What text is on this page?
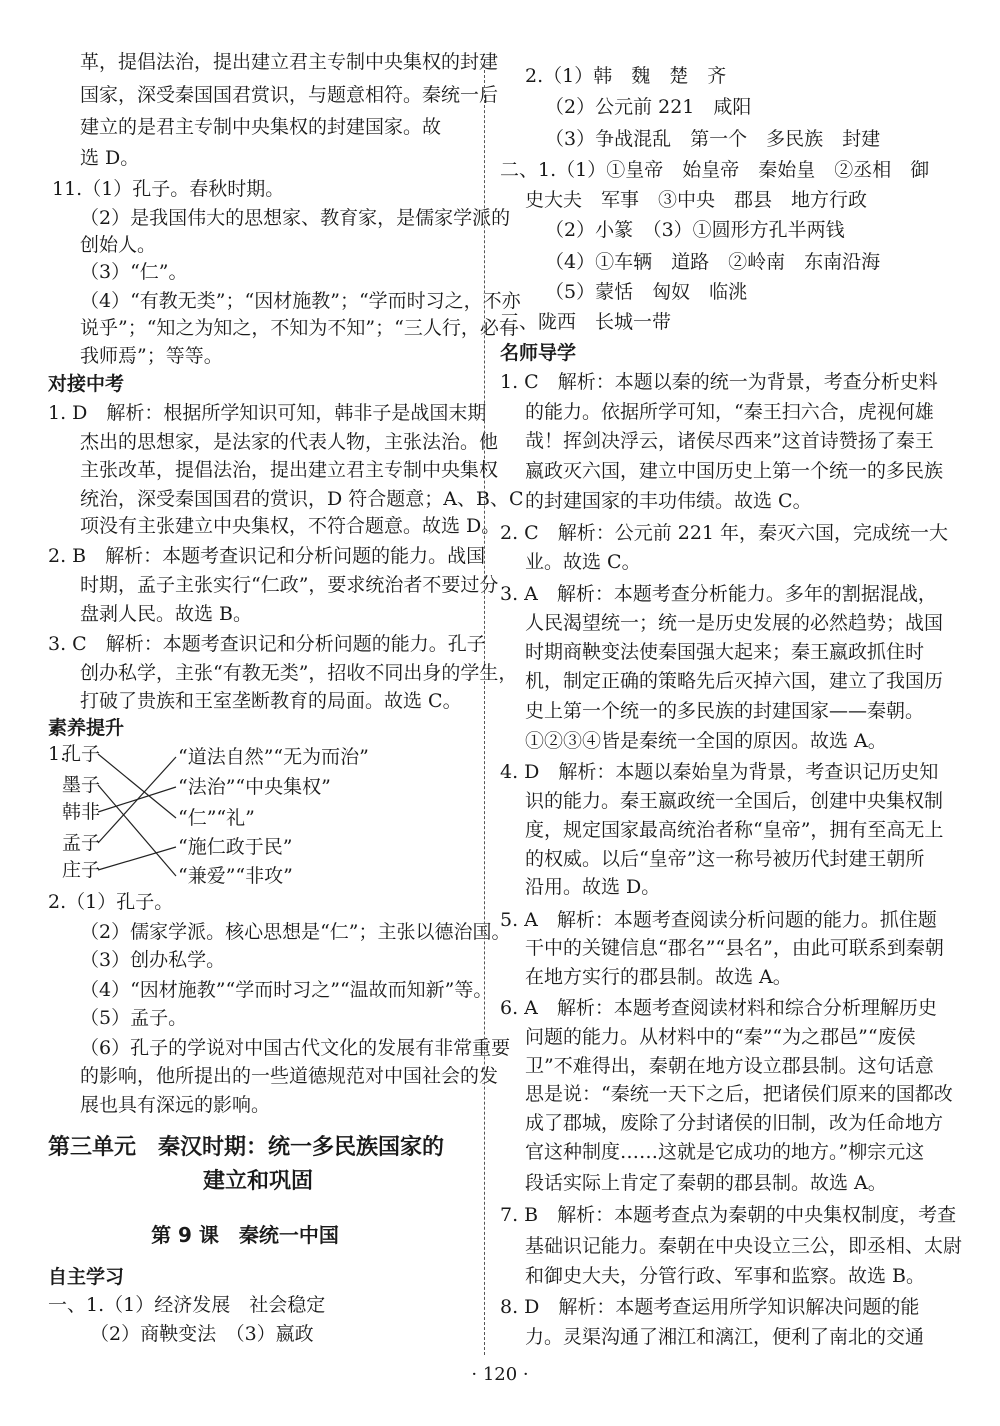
革，提倡法治，提出建立君主专制中央集权的封建
国家，深受秦国国君赏识，与题意相符。秦统一后
建立的是君主专制中央集权的封建国家。故
选 D。
11.（1）孔子。春秋时期。
（2）是我国伟大的思想家、教育家，是儒家学派的
创始人。
（3）“仁”。
（4）“有教无类”；“因材施教”；“学而时习之，不亦
说乎”；“知之为知之，不知为不知”；“三人行，必有
我师焉”；等等。
对接中考
1. D　解析：根据所学知识可知，韩非子是战国末期
杰出的思想家，是法家的代表人物，主张法治。他
主张改革，提倡法治，提出建立君主专制中央集权
统治，深受秦国国君的赏识，D 符合题意；A、B、C
项没有主张建立中央集权，不符合题意。故选 D。
2. B　解析：本题考查识记和分析问题的能力。战国
时期，孟子主张实行“仁政”，要求统治者不要过分
盘剥人民。故选 B。
3. C　解析：本题考查识记和分析问题的能力。孔子
创办私学，主张“有教无类”，招收不同出身的学生，
打破了贵族和王室垄断教育的局面。故选 C。
素养提升
2.（1）孔子。
（2）儒家学派。核心思想是“仁”；主张以德治国。
（3）创办私学。
（4）“因材施教”“学而时习之”“温故而知新”等。
（5）孟子。
（6）孔子的学说对中国古代文化的发展有非常重要
的影响，他所提出的一些道德规范对中国社会的发
展也具有深远的影响。
1.
孔子
墨子
韩非
孟子
庄子
“道法自然”“无为而治”
“法治”“中央集权”
“仁”“礼”
“施仁政于民”
“兼爱”“非攻”
自主学习
一、1.（1）经济发展　社会稳定
（2）商鞅变法　（3）嬴政
2.（1）韩　魏　楚　齐
（2）公元前 221　咸阳
（3）争战混乱　第一个　多民族　封建
二、1.（1）①皇帝　始皇帝　秦始皇　②丞相　御
史大夫　军事　③中央　郡县　地方行政
（2）小篆　（3）①圆形方孔半两钱
（4）①车辆　道路　②岭南　东南沿海
（5）蒙恬　匈奴　临洮
三、陇西　长城一带
名师导学
1. C　解析：本题以秦的统一为背景，考查分析史料
的能力。依据所学可知，“秦王扫六合，虎视何雄
哉！挥剑决浮云，诸侯尽西来”这首诗赞扬了秦王
嬴政灭六国，建立中国历史上第一个统一的多民族
的封建国家的丰功伟绩。故选 C。
2. C　解析：公元前 221 年，秦灭六国，完成统一大
业。故选 C。
3. A　解析：本题考查分析能力。多年的割据混战，
人民渴望统一；统一是历史发展的必然趋势；战国
时期商鞅变法使秦国强大起来；秦王嬴政抓住时
机，制定正确的策略先后灭掉六国，建立了我国历
史上第一个统一的多民族的封建国家——秦朝。
①②③④皆是秦统一全国的原因。故选 A。
4. D　解析：本题以秦始皇为背景，考查识记历史知
识的能力。秦王嬴政统一全国后，创建中央集权制
度，规定国家最高统治者称“皇帝”，拥有至高无上
的权威。以后“皇帝”这一称号被历代封建王朝所
沿用。故选 D。
5. A　解析：本题考查阅读分析问题的能力。抓住题
干中的关键信息“郡名”“县名”，由此可联系到秦朝
在地方实行的郡县制。故选 A。
6. A　解析：本题考查阅读材料和综合分析理解历史
问题的能力。从材料中的“秦”“为之郡邑”“废侯
卫”不难得出，秦朝在地方设立郡县制。这句话意
思是说：“秦统一天下之后，把诸侯们原来的国都改
成了郡城，废除了分封诸侯的旧制，改为任命地方
官这种制度……这就是它成功的地方。”柳宗元这
段话实际上肯定了秦朝的郡县制。故选 A。
7. B　解析：本题考查点为秦朝的中央集权制度，考查
基础识记能力。秦朝在中央设立三公，即丞相、太尉
和御史大夫，分管行政、军事和监察。故选 B。
8. D　解析：本题考查运用所学知识解决问题的能
力。灵渠沟通了湘江和漓江，便利了南北的交通
第三单元　秦汉时期：统一多民族国家的
建立和巩固
第 9 课　秦统一中国
· 120 ·
